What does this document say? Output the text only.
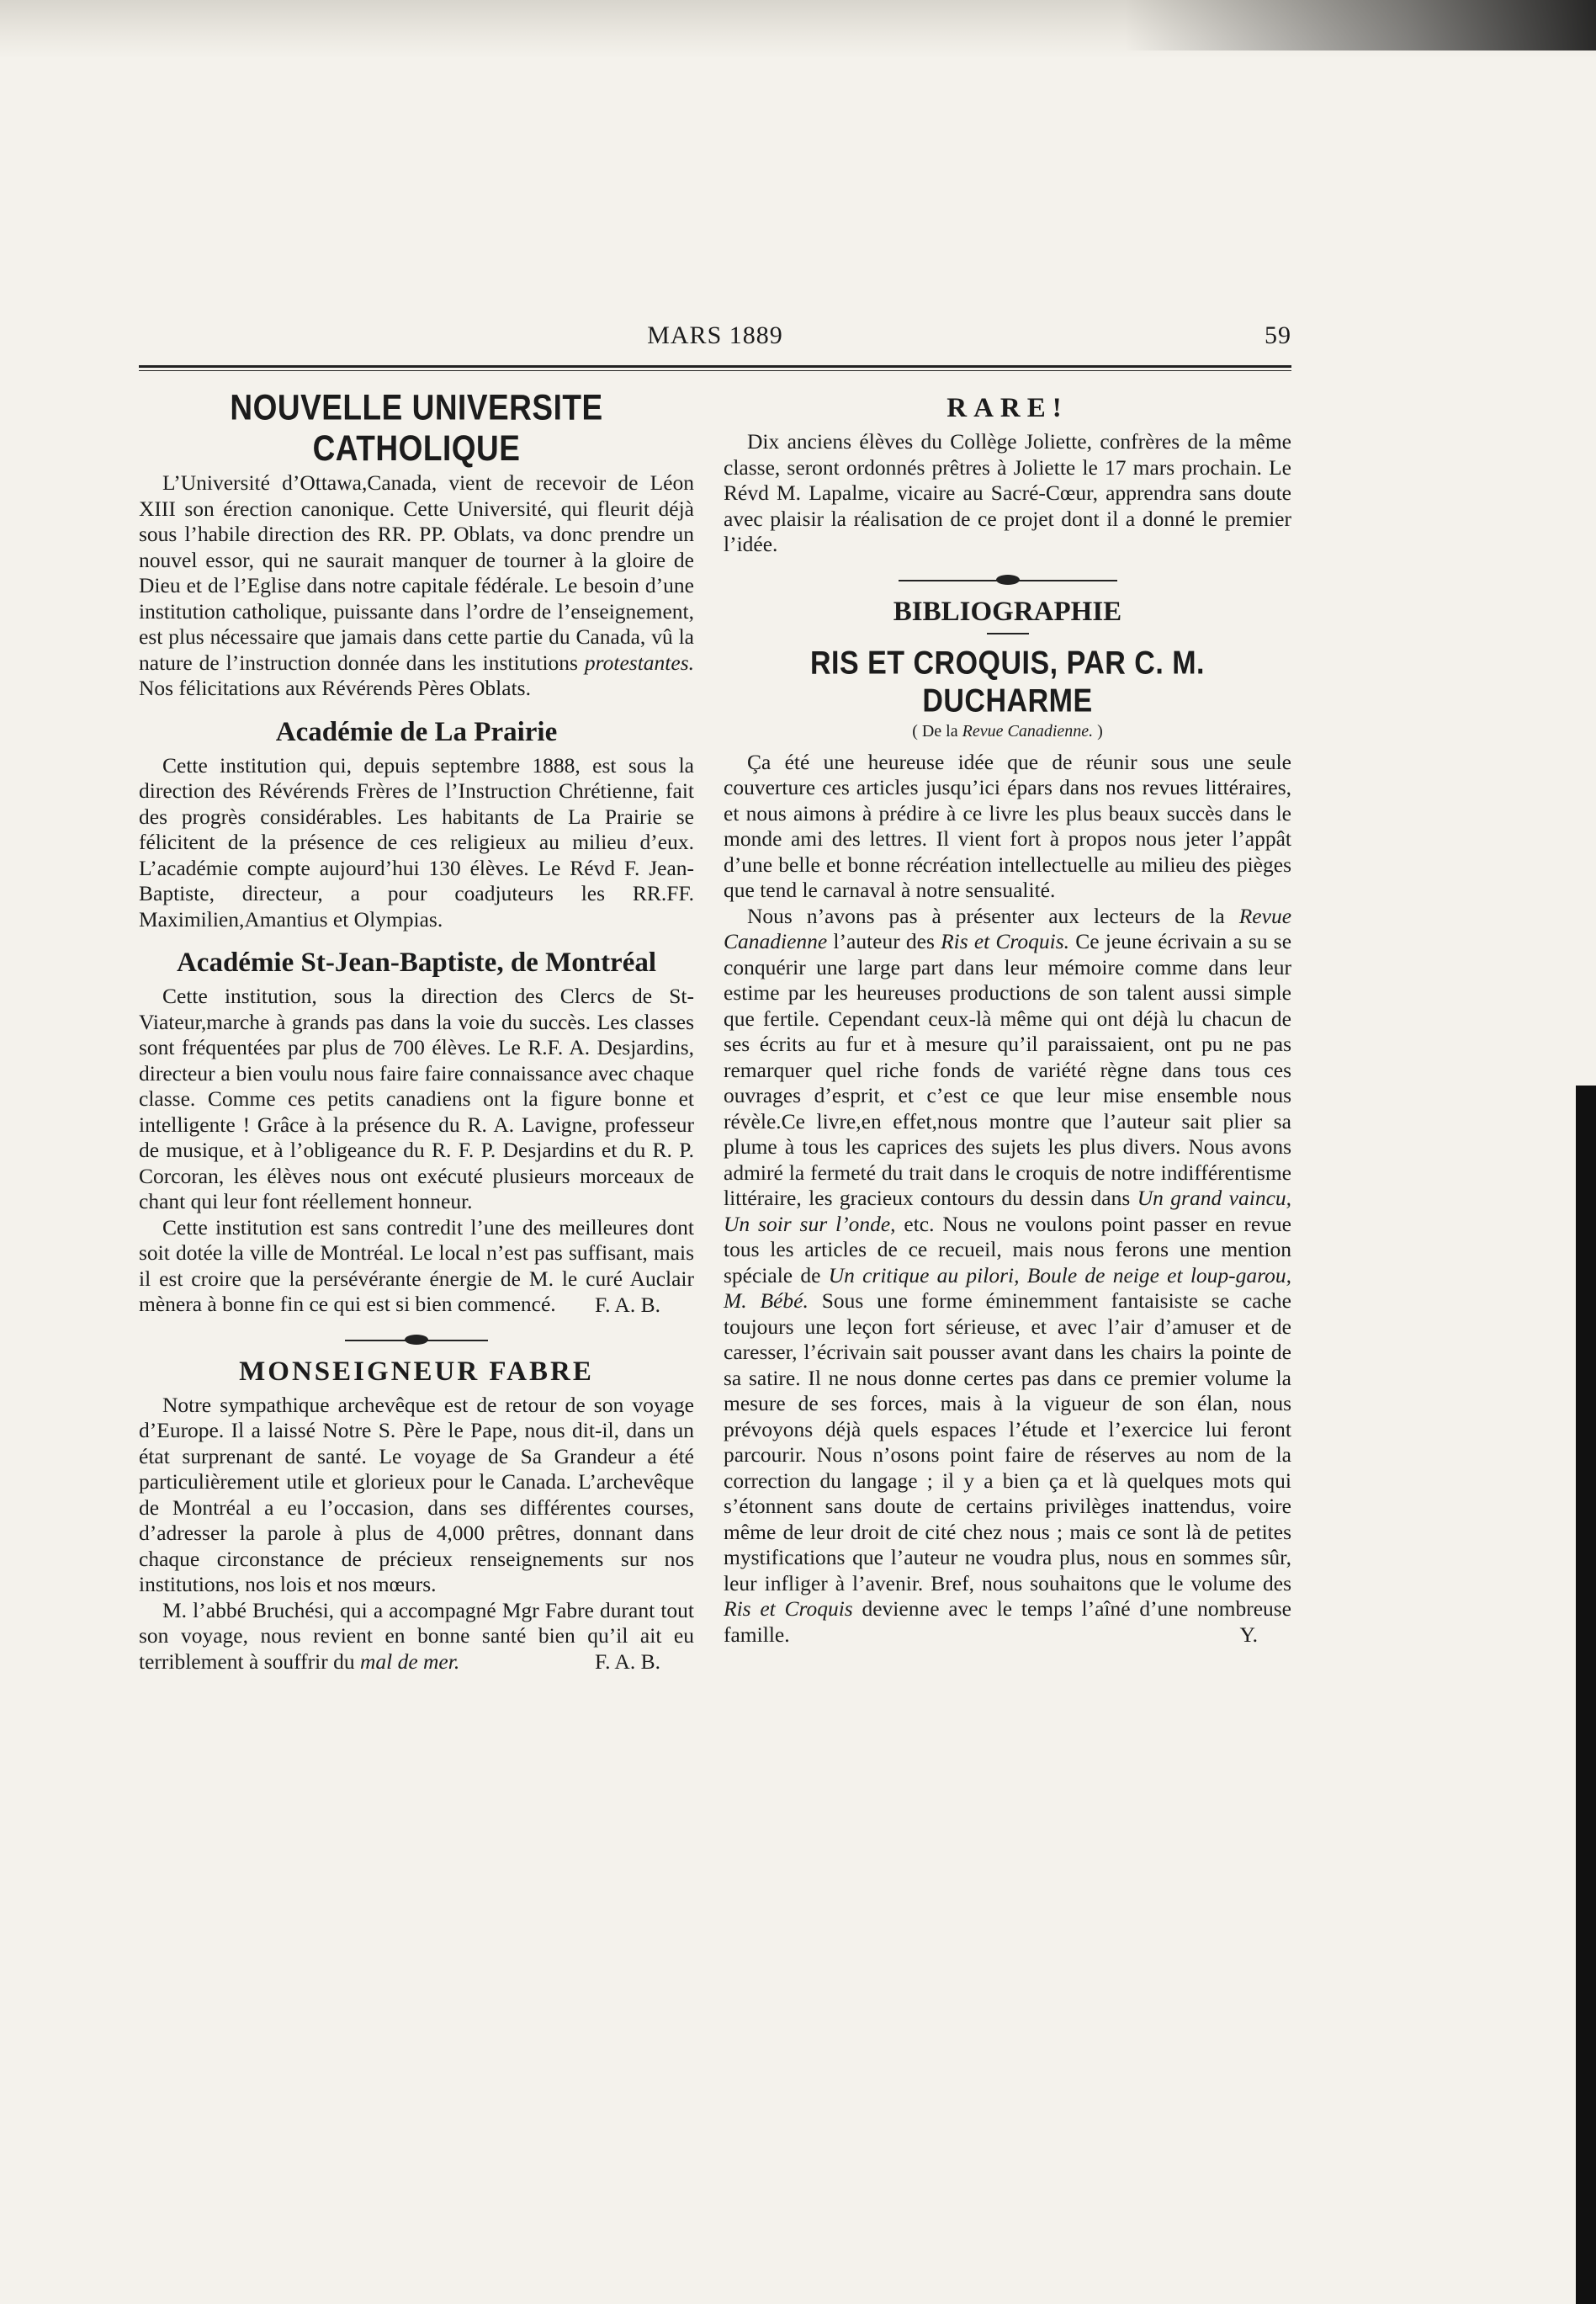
MARS 1889	59
NOUVELLE UNIVERSITE CATHOLIQUE

L’Université d’Ottawa,Canada, vient de recevoir de Léon XIII son érection canonique. Cette Université, qui fleurit déjà sous l’habile direction des RR. PP. Oblats, va donc prendre un nouvel essor, qui ne saurait manquer de tourner à la gloire de Dieu et de l’Eglise dans notre capitale fédérale. Le besoin d’une institution catholique, puissante dans l’ordre de l’enseignement, est plus nécessaire que jamais dans cette partie du Canada, vû la nature de l’instruction donnée dans les institutions protestantes. Nos félicitations aux Révérends Pères Oblats.

Académie de La Prairie

Cette institution qui, depuis septembre 1888, est sous la direction des Révérends Frères de l’Instruction Chrétienne, fait des progrès considérables. Les habitants de La Prairie se félicitent de la présence de ces religieux au milieu d’eux. L’académie compte aujourd’hui 130 élèves. Le Révd F. Jean-Baptiste, directeur, a pour coadjuteurs les RR.FF. Maximilien,Amantius et Olympias.

Académie St-Jean-Baptiste, de Montréal

Cette institution, sous la direction des Clercs de St-Viateur,marche à grands pas dans la voie du succès. Les classes sont fréquentées par plus de 700 élèves. Le R.F. A. Desjardins, directeur a bien voulu nous faire faire connaissance avec chaque classe. Comme ces petits canadiens ont la figure bonne et intelligente ! Grâce à la présence du R. A. Lavigne, professeur de musique, et à l’obligeance du R. F. P. Desjardins et du R. P. Corcoran, les élèves nous ont exécuté plusieurs morceaux de chant qui leur font réellement honneur.

Cette institution est sans contredit l’une des meilleures dont soit dotée la ville de Montréal. Le local n’est pas suffisant, mais il est croire que la persévérante énergie de M. le curé Auclair mènera à bonne fin ce qui est si bien commencé.	F. A. B.
MONSEIGNEUR FABRE

Notre sympathique archevêque est de retour de son voyage d’Europe. Il a laissé Notre S. Père le Pape, nous dit-il, dans un état surprenant de santé. Le voyage de Sa Grandeur a été particulièrement utile et glorieux pour le Canada. L’archevêque de Montréal a eu l’occasion, dans ses différentes courses, d’adresser la parole à plus de 4,000 prêtres, donnant dans chaque circonstance de précieux renseignements sur nos institutions, nos lois et nos mœurs.

M. l’abbé Bruchési, qui a accompagné Mgr Fabre durant tout son voyage, nous revient en bonne santé bien qu’il ait eu terriblement à souffrir du mal de mer.	F. A. B.
RARE!

Dix anciens élèves du Collège Joliette, confrères de la même classe, seront ordonnés prêtres à Joliette le 17 mars prochain. Le Révd M. Lapalme, vicaire au Sacré-Cœur, apprendra sans doute avec plaisir la réalisation de ce projet dont il a donné le premier l’idée.

BIBLIOGRAPHIE
RIS ET CROQUIS, PAR C. M. DUCHARME
( De la Revue Canadienne. )

Ça été une heureuse idée que de réunir sous une seule couverture ces articles jusqu’ici épars dans nos revues littéraires, et nous aimons à prédire à ce livre les plus beaux succès dans le monde ami des lettres. Il vient fort à propos nous jeter l’appât d’une belle et bonne récréation intellectuelle au milieu des pièges que tend le carnaval à notre sensualité.

Nous n’avons pas à présenter aux lecteurs de la Revue Canadienne l’auteur des Ris et Croquis. Ce jeune écrivain a su se conquérir une large part dans leur mémoire comme dans leur estime par les heureuses productions de son talent aussi simple que fertile. Cependant ceux-là même qui ont déjà lu chacun de ses écrits au fur et à mesure qu’il paraissaient, ont pu ne pas remarquer quel riche fonds de variété règne dans tous ces ouvrages d’esprit, et c’est ce que leur mise ensemble nous révèle.Ce livre,en effet,nous montre que l’auteur sait plier sa plume à tous les caprices des sujets les plus divers. Nous avons admiré la fermeté du trait dans le croquis de notre indifférentisme littéraire, les gracieux contours du dessin dans Un grand vaincu, Un soir sur l’onde, etc. Nous ne voulons point passer en revue tous les articles de ce recueil, mais nous ferons une mention spéciale de Un critique au pilori, Boule de neige et loup-garou, M. Bébé. Sous une forme éminemment fantaisiste se cache toujours une leçon fort sérieuse, et avec l’air d’amuser et de caresser, l’écrivain sait pousser avant dans les chairs la pointe de sa satire. Il ne nous donne certes pas dans ce premier volume la mesure de ses forces, mais à la vigueur de son élan, nous prévoyons déjà quels espaces l’étude et l’exercice lui feront parcourir. Nous n’osons point faire de réserves au nom de la correction du langage ; il y a bien ça et là quelques mots qui s’étonnent sans doute de certains privilèges inattendus, voire même de leur droit de cité chez nous ; mais ce sont là de petites mystifications que l’auteur ne voudra plus, nous en sommes sûr, leur infliger à l’avenir. Bref, nous souhaitons que le volume des Ris et Croquis devienne avec le temps l’aîné d’une nombreuse famille.	Y.
